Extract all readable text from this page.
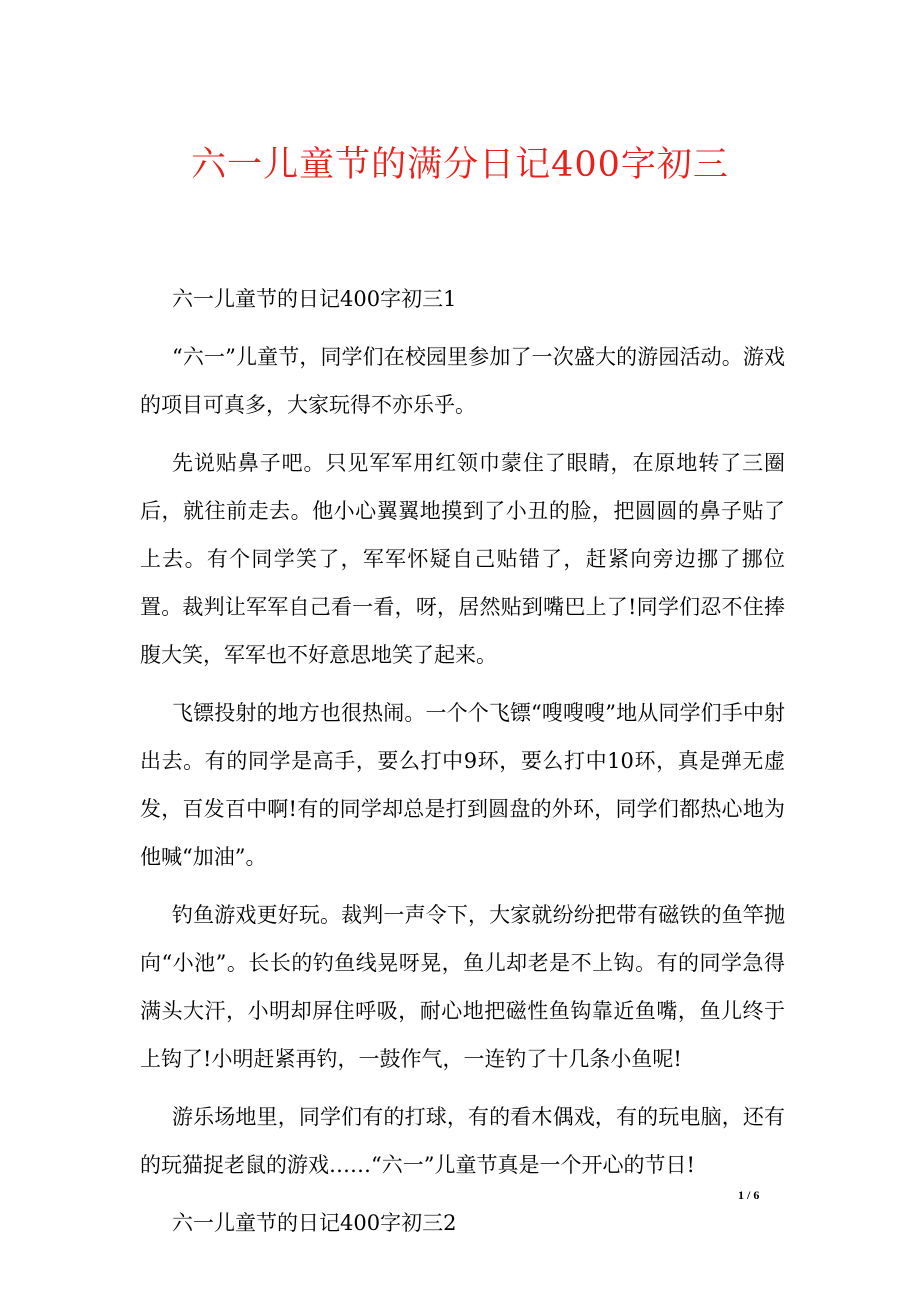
六一儿童节的满分日记400字初三

六一儿童节的日记400字初三1

“六一”儿童节，同学们在校园里参加了一次盛大的游园活动。游戏的项目可真多，大家玩得不亦乐乎。

先说贴鼻子吧。只见军军用红领巾蒙住了眼睛，在原地转了三圈后，就往前走去。他小心翼翼地摸到了小丑的脸，把圆圆的鼻子贴了上去。有个同学笑了，军军怀疑自己贴错了，赶紧向旁边挪了挪位置。裁判让军军自己看一看，呀，居然贴到嘴巴上了!同学们忍不住捧腹大笑，军军也不好意思地笑了起来。

飞镖投射的地方也很热闹。一个个飞镖“嗖嗖嗖”地从同学们手中射出去。有的同学是高手，要么打中9环，要么打中10环，真是弹无虚发，百发百中啊!有的同学却总是打到圆盘的外环，同学们都热心地为他喊“加油”。

钓鱼游戏更好玩。裁判一声令下，大家就纷纷把带有磁铁的鱼竿抛向“小池”。长长的钓鱼线晃呀晃，鱼儿却老是不上钩。有的同学急得满头大汗，小明却屏住呼吸，耐心地把磁性鱼钩靠近鱼嘴，鱼儿终于上钩了!小明赶紧再钓，一鼓作气，一连钓了十几条小鱼呢!

游乐场地里，同学们有的打球，有的看木偶戏，有的玩电脑，还有的玩猫捉老鼠的游戏……“六一”儿童节真是一个开心的节日!

六一儿童节的日记400字初三2

1 / 6
